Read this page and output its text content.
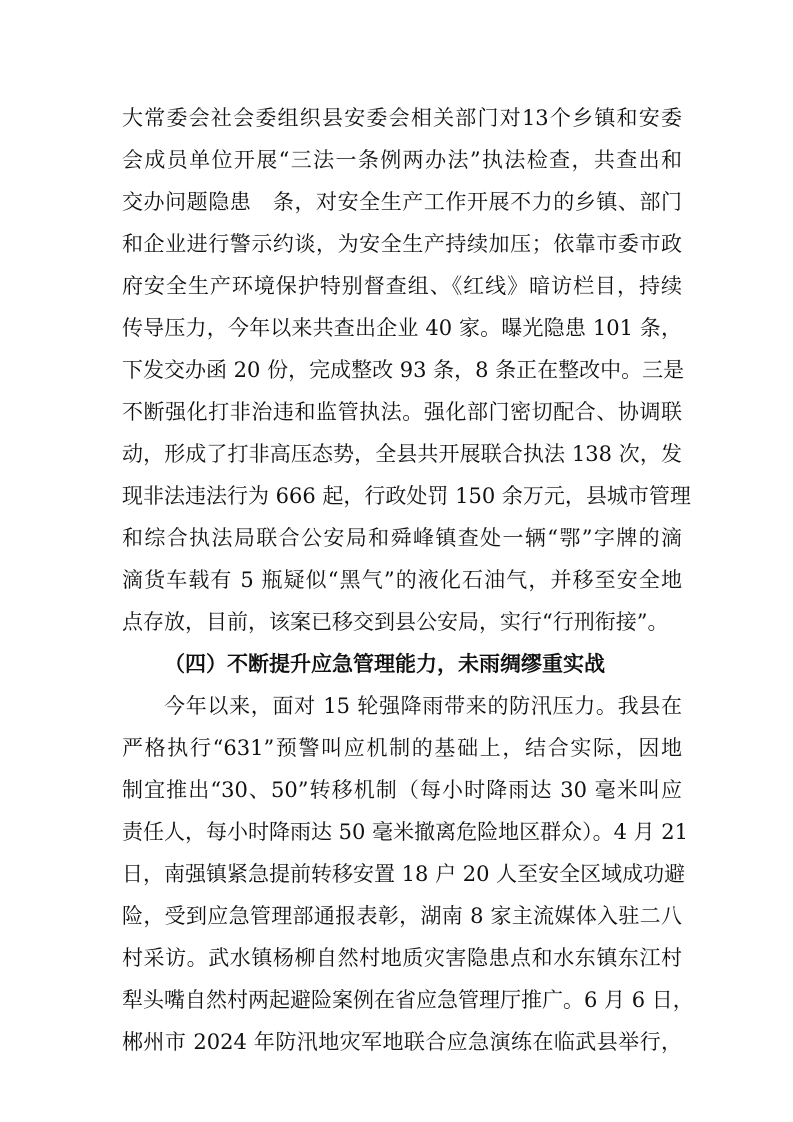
大常委会社会委组织县安委会相关部门对13个乡镇和安委
会成员单位开展“三法一条例两办法”执法检查，共查出和
交办问题隐患　条，对安全生产工作开展不力的乡镇、部门
和企业进行警示约谈，为安全生产持续加压；依靠市委市政
府安全生产环境保护特别督查组、《红线》暗访栏目，持续
传导压力，今年以来共查出企业 40 家。曝光隐患 101 条，
下发交办函 20 份，完成整改 93 条，8 条正在整改中。三是
不断强化打非治违和监管执法。强化部门密切配合、协调联
动，形成了打非高压态势，全县共开展联合执法 138 次，发
现非法违法行为 666 起，行政处罚 150 余万元，县城市管理
和综合执法局联合公安局和舜峰镇查处一辆“鄂”字牌的滴
滴货车载有 5 瓶疑似“黑气”的液化石油气，并移至安全地
点存放，目前，该案已移交到县公安局，实行“行刑衔接”。
（四）不断提升应急管理能力，未雨绸缪重实战
今年以来，面对 15 轮强降雨带来的防汛压力。我县在
严格执行“631”预警叫应机制的基础上，结合实际，因地
制宜推出“30、50”转移机制（每小时降雨达 30 毫米叫应
责任人，每小时降雨达 50 毫米撤离危险地区群众）。4 月 21
日，南强镇紧急提前转移安置 18 户 20 人至安全区域成功避
险，受到应急管理部通报表彰，湖南 8 家主流媒体入驻二八
村采访。武水镇杨柳自然村地质灾害隐患点和水东镇东江村
犁头嘴自然村两起避险案例在省应急管理厅推广。6 月 6 日，
郴州市 2024 年防汛地灾军地联合应急演练在临武县举行，
